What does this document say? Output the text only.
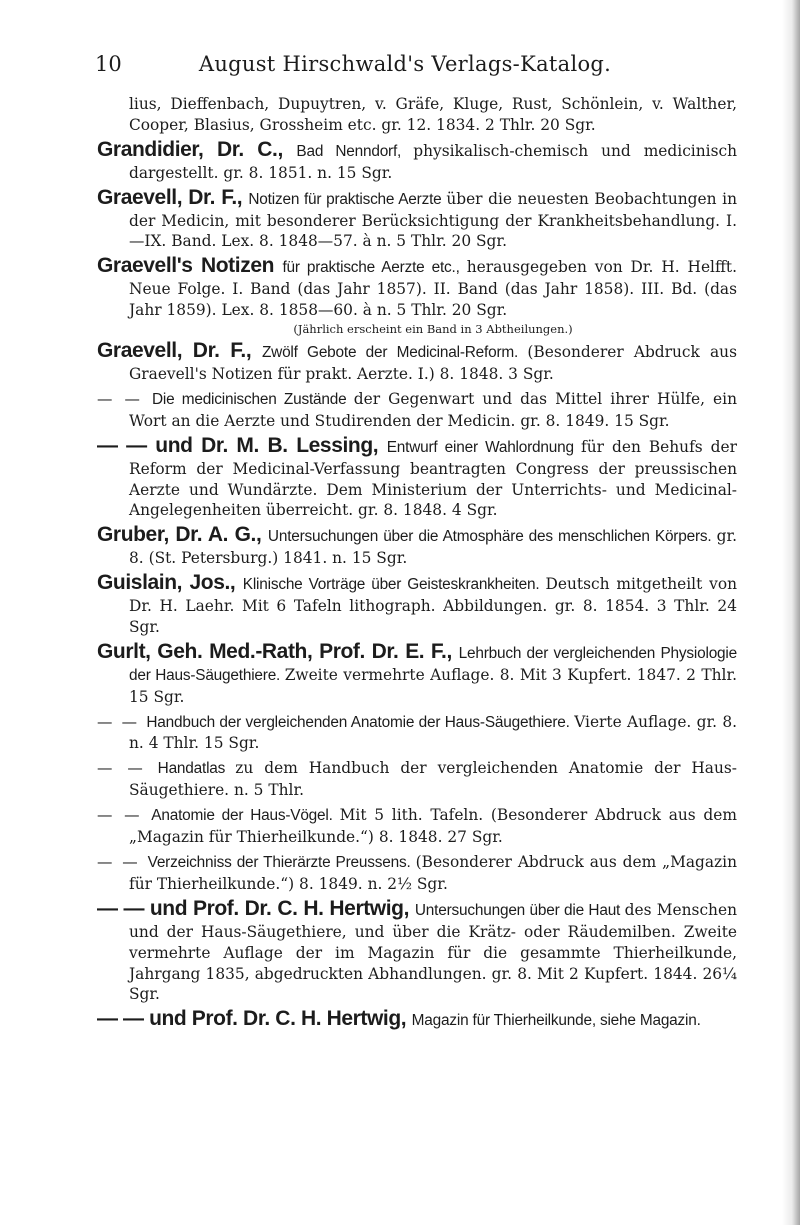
10	August Hirschwald's Verlags-Katalog.

lius, Dieffenbach, Dupuytren, v. Gräfe, Kluge, Rust, Schönlein, v. Walther, Cooper, Blasius, Grossheim etc. gr. 12. 1834. 2 Thlr. 20 Sgr.

Grandidier, Dr. C., Bad Nenndorf, physikalisch-chemisch und medicinisch dargestellt. gr. 8. 1851. n. 15 Sgr.

Graevell, Dr. F., Notizen für praktische Aerzte über die neuesten Beobachtungen in der Medicin, mit besonderer Berücksichtigung der Krankheitsbehandlung. I.—IX. Band. Lex. 8. 1848—57. à n. 5 Thlr. 20 Sgr.

Graevell's Notizen für praktische Aerzte etc., herausgegeben von Dr. H. Helfft. Neue Folge. I. Band (das Jahr 1857). II. Band (das Jahr 1858). III. Bd. (das Jahr 1859). Lex. 8. 1858—60. à n. 5 Thlr. 20 Sgr.
(Jährlich erscheint ein Band in 3 Abtheilungen.)

Graevell, Dr. F., Zwölf Gebote der Medicinal-Reform. (Besonderer Abdruck aus Graevell's Notizen für prakt. Aerzte. I.) 8. 1848. 3 Sgr.

— — Die medicinischen Zustände der Gegenwart und das Mittel ihrer Hülfe, ein Wort an die Aerzte und Studirenden der Medicin. gr. 8. 1849. 15 Sgr.

— — und Dr. M. B. Lessing, Entwurf einer Wahlordnung für den Behufs der Reform der Medicinal-Verfassung beantragten Congress der preussischen Aerzte und Wundärzte. Dem Ministerium der Unterrichts- und Medicinal-Angelegenheiten überreicht. gr. 8. 1848. 4 Sgr.

Gruber, Dr. A. G., Untersuchungen über die Atmosphäre des menschlichen Körpers. gr. 8. (St. Petersburg.) 1841. n. 15 Sgr.

Guislain, Jos., Klinische Vorträge über Geisteskrankheiten. Deutsch mitgetheilt von Dr. H. Laehr. Mit 6 Tafeln lithograph. Abbildungen. gr. 8. 1854. 3 Thlr. 24 Sgr.

Gurlt, Geh. Med.-Rath, Prof. Dr. E. F., Lehrbuch der vergleichenden Physiologie der Haus-Säugethiere. Zweite vermehrte Auflage. 8. Mit 3 Kupfert. 1847. 2 Thlr. 15 Sgr.

— — Handbuch der vergleichenden Anatomie der Haus-Säugethiere. Vierte Auflage. gr. 8. n. 4 Thlr. 15 Sgr.

— — Handatlas zu dem Handbuch der vergleichenden Anatomie der Haus-Säugethiere. n. 5 Thlr.

— — Anatomie der Haus-Vögel. Mit 5 lith. Tafeln. (Besonderer Abdruck aus dem „Magazin für Thierheilkunde.“) 8. 1848. 27 Sgr.

— — Verzeichniss der Thierärzte Preussens. (Besonderer Abdruck aus dem „Magazin für Thierheilkunde.“) 8. 1849. n. 2½ Sgr.

— — und Prof. Dr. C. H. Hertwig, Untersuchungen über die Haut des Menschen und der Haus-Säugethiere, und über die Krätz- oder Räudemilben. Zweite vermehrte Auflage der im Magazin für die gesammte Thierheilkunde, Jahrgang 1835, abgedruckten Abhandlungen. gr. 8. Mit 2 Kupfert. 1844. 26¼ Sgr.

— — und Prof. Dr. C. H. Hertwig, Magazin für Thierheilkunde, siehe Magazin.
